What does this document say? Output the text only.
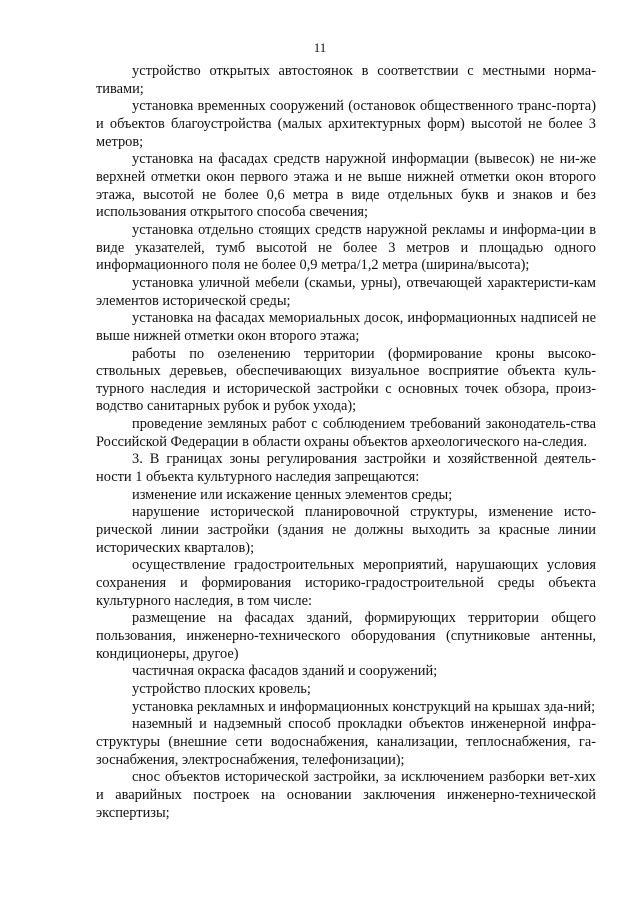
11

устройство открытых автостоянок в соответствии с местными норма-тивами;

установка временных сооружений (остановок общественного транс-порта) и объектов благоустройства (малых архитектурных форм) высотой не более 3 метров;

установка на фасадах средств наружной информации (вывесок) не ни-же верхней отметки окон первого этажа и не выше нижней отметки окон второго этажа, высотой не более 0,6 метра в виде отдельных букв и знаков и без использования открытого способа свечения;

установка отдельно стоящих средств наружной рекламы и информа-ции в виде указателей, тумб высотой не более 3 метров и площадью одного информационного поля не более 0,9 метра/1,2 метра (ширина/высота);

установка уличной мебели (скамьи, урны), отвечающей характеристи-кам элементов исторической среды;

установка на фасадах мемориальных досок, информационных надписей не выше нижней отметки окон второго этажа;

работы по озеленению территории (формирование кроны высоко-ствольных деревьев, обеспечивающих визуальное восприятие объекта куль-турного наследия и исторической застройки с основных точек обзора, произ-водство санитарных рубок и рубок ухода);

проведение земляных работ с соблюдением требований законодатель-ства Российской Федерации в области охраны объектов археологического на-следия.

3. В границах зоны регулирования застройки и хозяйственной деятель-ности 1 объекта культурного наследия запрещаются:

изменение или искажение ценных элементов среды;

нарушение исторической планировочной структуры, изменение исто-рической линии застройки (здания не должны выходить за красные линии исторических кварталов);

осуществление градостроительных мероприятий, нарушающих условия сохранения и формирования историко-градостроительной среды объекта культурного наследия, в том числе:

размещение на фасадах зданий, формирующих территории общего пользования, инженерно-технического оборудования (спутниковые антенны, кондиционеры, другое)

частичная окраска фасадов зданий и сооружений;

устройство плоских кровель;

установка рекламных и информационных конструкций на крышах зда-ний;

наземный и надземный способ прокладки объектов инженерной инфра-структуры (внешние сети водоснабжения, канализации, теплоснабжения, га-зоснабжения, электроснабжения, телефонизации);

снос объектов исторической застройки, за исключением разборки вет-хих и аварийных построек на основании заключения инженерно-технической экспертизы;
